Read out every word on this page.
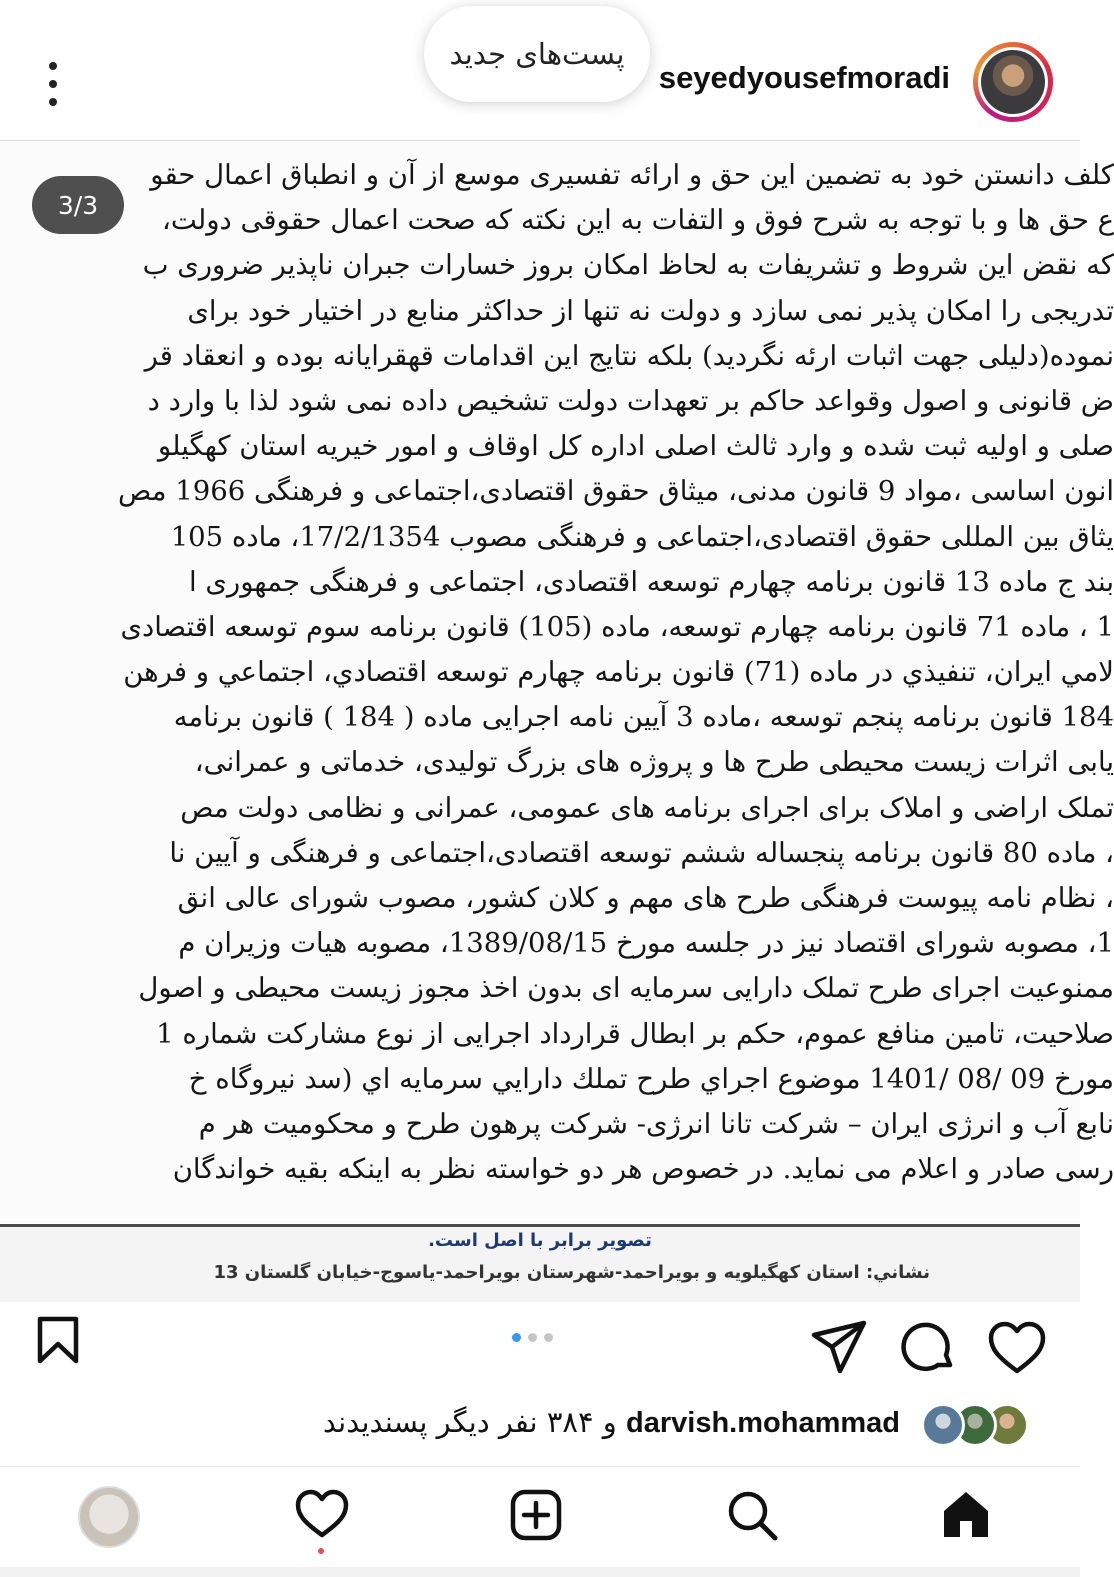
seyedyousefmoradi
پست‌های جدید
کلف دانستن خود به تضمین این حق و ارائه تفسیری موسع از آن و انطباق اعمال حقو
ع حق ها و با توجه به شرح فوق و التفات به این نکته که صحت اعمال حقوقی دولت،
که نقض این شروط و تشریفات به لحاظ امکان بروز خسارات جبران ناپذیر ضروری ب
تدریجی را امکان پذیر نمی سازد و دولت نه تنها از حداکثر منابع در اختیار خود برای
نموده(دلیلی جهت اثبات ارئه نگردید) بلکه نتایج این اقدامات قهقرایانه بوده و انعقاد قر
ض قانونی و اصول وقواعد حاکم بر تعهدات دولت تشخیص داده نمی شود لذا با وارد د
صلی و اولیه ثبت شده و وارد ثالث اصلی اداره کل اوقاف و امور خیریه استان کهگیلو
انون اساسی ،مواد 9 قانون مدنی، میثاق حقوق اقتصادی،اجتماعی و فرهنگی 1966 مص
یثاق بین المللی حقوق اقتصادی،اجتماعی و فرهنگی مصوب 17/2/1354، ماده 105
بند ج ماده 13 قانون برنامه چهارم توسعه اقتصادی، اجتماعی و فرهنگی جمهوری ا
1 ، ماده 71 قانون برنامه چهارم توسعه، ماده (105) قانون برنامه سوم توسعه اقتصادی
لامي ايران، تنفيذي در ماده (71) قانون برنامه چهارم توسعه اقتصادي، اجتماعي و فرهن
184 قانون برنامه پنجم توسعه ،ماده 3 آیین نامه اجرایی ماده ( 184 ) قانون برنامه
یابی اثرات زیست محیطی طرح ها و پروژه های بزرگ تولیدی، خدماتی و عمرانی،
تملک اراضی و املاک برای اجرای برنامه های عمومی، عمرانی و نظامی دولت مص
، ماده 80 قانون برنامه پنجساله ششم توسعه اقتصادی،اجتماعی و فرهنگی و آیین نا
، نظام نامه پیوست فرهنگی طرح های مهم و کلان کشور، مصوب شورای عالی انق
1، مصوبه شورای اقتصاد نیز در جلسه مورخ 1389/08/15، مصوبه هیات وزیران م
ممنوعیت اجرای طرح تملک دارایی سرمایه ای بدون اخذ مجوز زیست محیطی و اصول
صلاحیت، تامین منافع عموم، حکم بر ابطال قرارداد اجرایی از نوع مشارکت شماره 1
مورخ 09 /08 /1401 موضوع اجراي طرح تملك دارايي سرمايه اي (سد نيروگاه خ
نابع آب و انرژی ایران – شرکت تانا انرژی- شرکت پرهون طرح و محکومیت هر م
رسی صادر و اعلام می نماید. در خصوص هر دو خواسته نظر به اینکه بقیه خواندگان
3/3
تصویر برابر با اصل است.
نشاني: استان کهگیلویه و بویراحمد-شهرستان بویراحمد-یاسوج-خیابان گلستان 13
darvish.mohammad و ۳۸۴ نفر دیگر پسندیدند
